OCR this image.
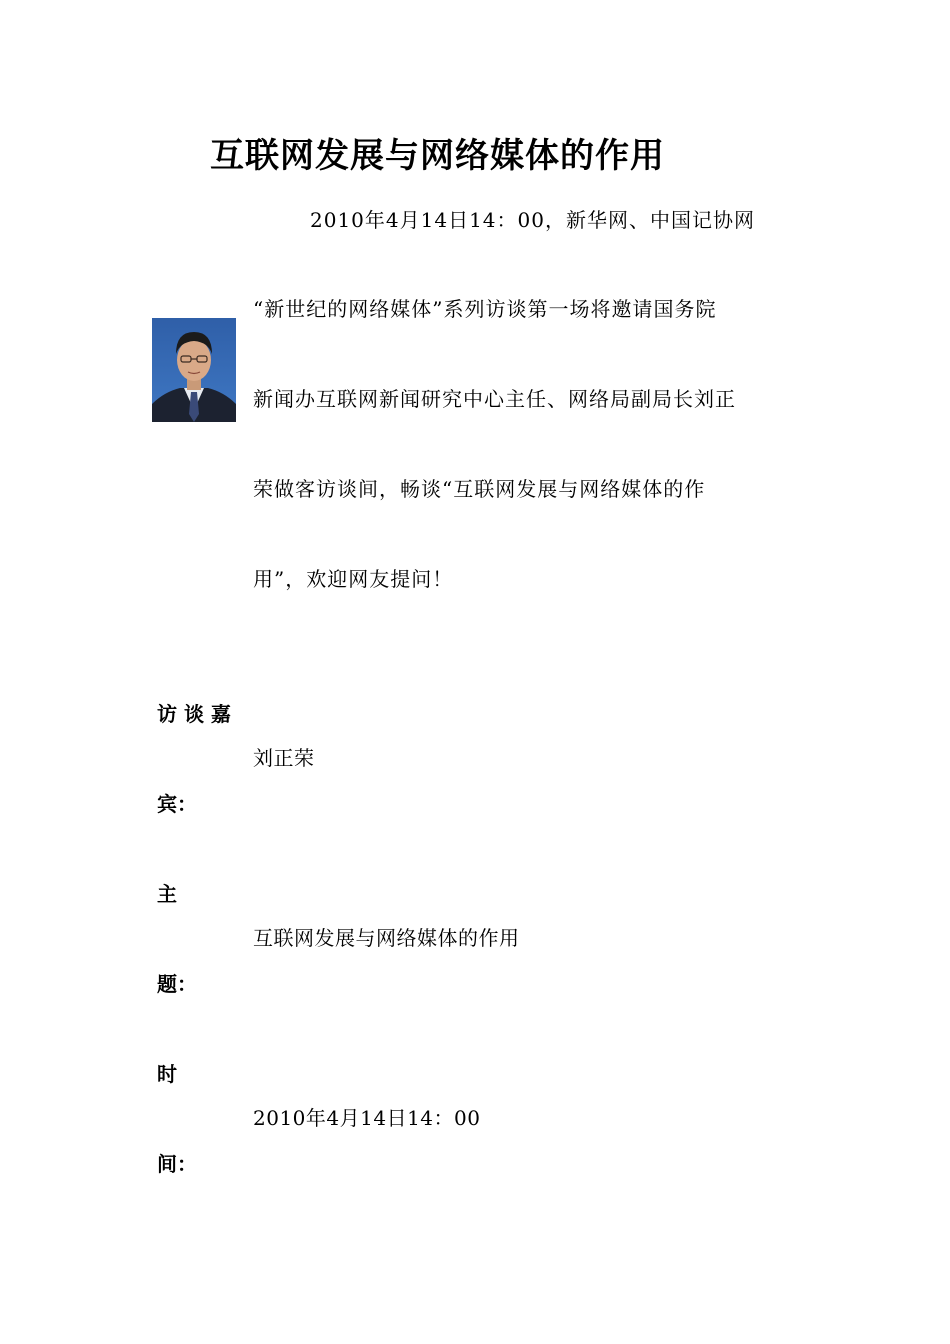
互联网发展与网络媒体的作用
2010年4月14日14：00，新华网、中国记协网
“新世纪的网络媒体”系列访谈第一场将邀请国务院
新闻办互联网新闻研究中心主任、网络局副局长刘正
荣做客访谈间，畅谈“互联网发展与网络媒体的作
用”，欢迎网友提问！
访 谈 嘉
宾：
刘正荣
主
题：
互联网发展与网络媒体的作用
时
间：
2010年4月14日14：00
